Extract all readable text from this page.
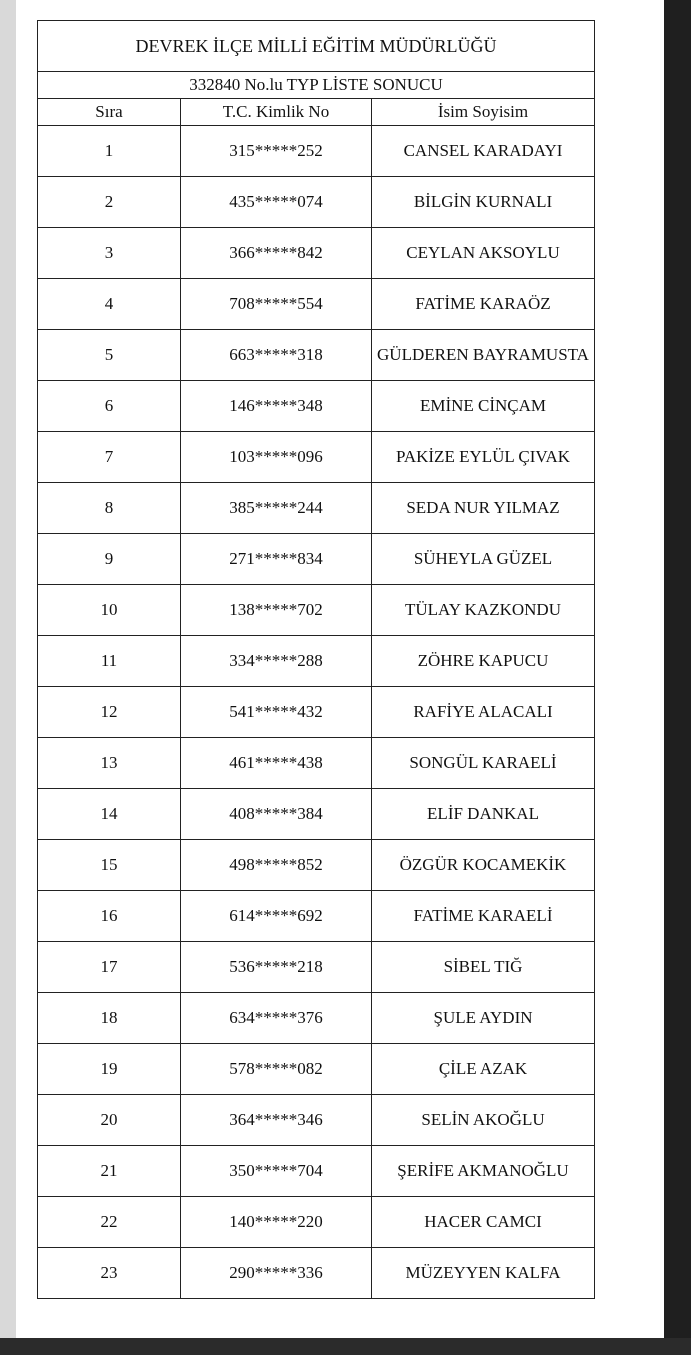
DEVREK İLÇE MİLLİ EĞİTİM MÜDÜRLÜĞÜ		
332840 No.lu TYP LİSTE SONUCU		
Sıra	T.C. Kimlik No	İsim Soyisim
1	315*****252	CANSEL KARADAYI
2	435*****074	BİLGİN KURNALI
3	366*****842	CEYLAN AKSOYLU
4	708*****554	FATİME KARAÖZ
5	663*****318	GÜLDEREN BAYRAMUSTA
6	146*****348	EMİNE CİNÇAM
7	103*****096	PAKİZE EYLÜL ÇIVAK
8	385*****244	SEDA NUR YILMAZ
9	271*****834	SÜHEYLA GÜZEL
10	138*****702	TÜLAY KAZKONDU
11	334*****288	ZÖHRE KAPUCU
12	541*****432	RAFİYE ALACALI
13	461*****438	SONGÜL KARAELİ
14	408*****384	ELİF DANKAL
15	498*****852	ÖZGÜR KOCAMEKİK
16	614*****692	FATİME KARAELİ
17	536*****218	SİBEL TIĞ
18	634*****376	ŞULE AYDIN
19	578*****082	ÇİLE AZAK
20	364*****346	SELİN AKOĞLU
21	350*****704	ŞERİFE AKMANOĞLU
22	140*****220	HACER CAMCI
23	290*****336	MÜZEYYEN KALFA
